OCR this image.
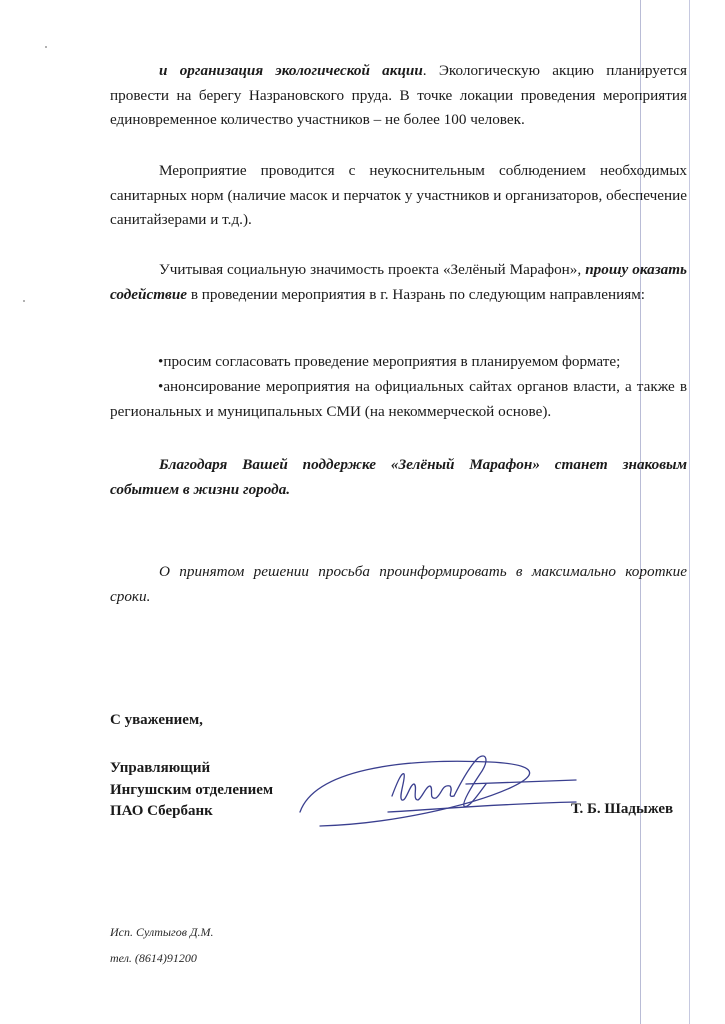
и организация экологической акции. Экологическую акцию планируется провести на берегу Назрановского пруда. В точке локации проведения мероприятия единовременное количество участников – не более 100 человек.

Мероприятие проводится с неукоснительным соблюдением необходимых санитарных норм (наличие масок и перчаток у участников и организаторов, обеспечение санитайзерами и т.д.).

Учитывая социальную значимость проекта «Зелёный Марафон», прошу оказать содействие в проведении мероприятия в г. Назрань по следующим направлениям:

•просим согласовать проведение мероприятия в планируемом формате;

•анонсирование мероприятия на официальных сайтах органов власти, а также в региональных и муниципальных СМИ (на некоммерческой основе).

Благодаря Вашей поддержке «Зелёный Марафон» станет знаковым событием в жизни города.

О принятом решении просьба проинформировать в максимально короткие сроки.

С уважением,
Управляющий
Ингушским отделением
ПАО Сбербанк	Т. Б. Шадыжев
Исп. Султыгов Д.М.
тел. (8614)91200
